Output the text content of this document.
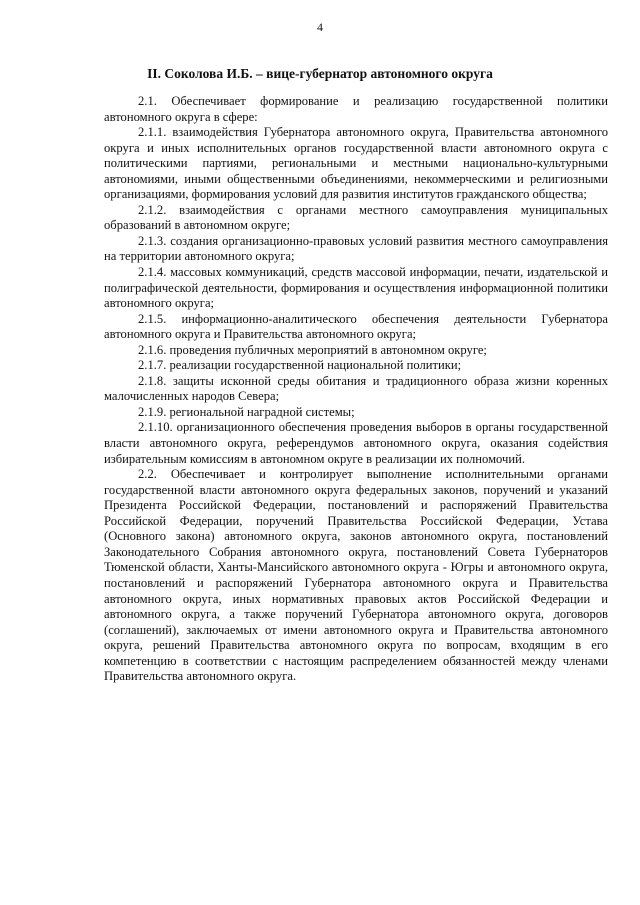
4
II. Соколова И.Б. – вице-губернатор автономного округа

2.1. Обеспечивает формирование и реализацию государственной политики автономного округа в сфере:

2.1.1. взаимодействия Губернатора автономного округа, Правительства автономного округа и иных исполнительных органов государственной власти автономного округа с политическими партиями, региональными и местными национально-культурными автономиями, иными общественными объединениями, некоммерческими и религиозными организациями, формирования условий для развития институтов гражданского общества;

2.1.2. взаимодействия с органами местного самоуправления муниципальных образований в автономном округе;

2.1.3. создания организационно-правовых условий развития местного самоуправления на территории автономного округа;

2.1.4. массовых коммуникаций, средств массовой информации, печати, издательской и полиграфической деятельности, формирования и осуществления информационной политики автономного округа;

2.1.5. информационно-аналитического обеспечения деятельности Губернатора автономного округа и Правительства автономного округа;

2.1.6. проведения публичных мероприятий в автономном округе;

2.1.7. реализации государственной национальной политики;

2.1.8. защиты исконной среды обитания и традиционного образа жизни коренных малочисленных народов Севера;

2.1.9. региональной наградной системы;

2.1.10. организационного обеспечения проведения выборов в органы государственной власти автономного округа, референдумов автономного округа, оказания содействия избирательным комиссиям в автономном округе в реализации их полномочий.

2.2. Обеспечивает и контролирует выполнение исполнительными органами государственной власти автономного округа федеральных законов, поручений и указаний Президента Российской Федерации, постановлений и распоряжений Правительства Российской Федерации, поручений Правительства Российской Федерации, Устава (Основного закона) автономного округа, законов автономного округа, постановлений Законодательного Собрания автономного округа, постановлений Совета Губернаторов Тюменской области, Ханты-Мансийского автономного округа - Югры и автономного округа, постановлений и распоряжений Губернатора автономного округа и Правительства автономного округа, иных нормативных правовых актов Российской Федерации и автономного округа, а также поручений Губернатора автономного округа, договоров (соглашений), заключаемых от имени автономного округа и Правительства автономного округа, решений Правительства автономного округа по вопросам, входящим в его компетенцию в соответствии с настоящим распределением обязанностей между членами Правительства автономного округа.
